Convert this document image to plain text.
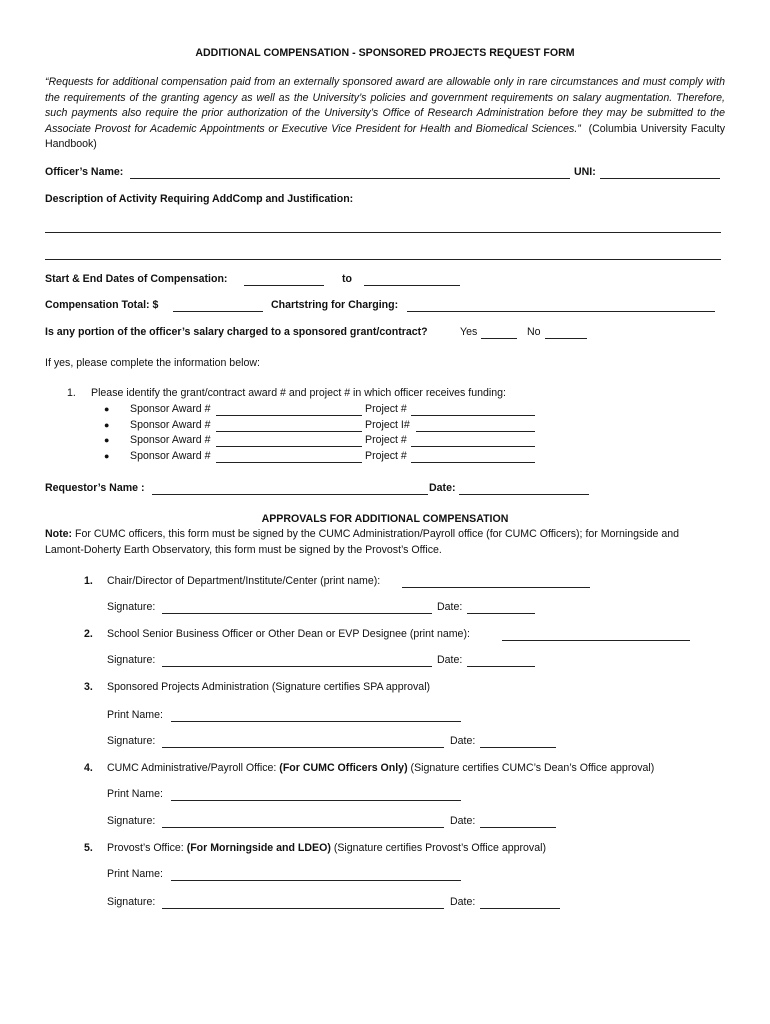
ADDITIONAL COMPENSATION - SPONSORED PROJECTS REQUEST FORM
“Requests for additional compensation paid from an externally sponsored award are allowable only in rare circumstances and must comply with the requirements of the granting agency as well as the University’s policies and government requirements on salary augmentation. Therefore, such payments also require the prior authorization of the University’s Office of Research Administration before they may be submitted to the Associate Provost for Academic Appointments or Executive Vice President for Health and Biomedical Sciences.” (Columbia University Faculty Handbook)
Officer’s Name:	UNI:
Description of Activity Requiring AddComp and Justification:
Start & End Dates of Compensation:	to
Compensation Total: $	Chartstring for Charging:
Is any portion of the officer’s salary charged to a sponsored grant/contract?	Yes	No
If yes, please complete the information below:
1. Please identify the grant/contract award # and project # in which officer receives funding:
● Sponsor Award #	Project #
● Sponsor Award #	Project I#
● Sponsor Award #	Project #
● Sponsor Award #	Project #
Requestor’s Name :	Date:
APPROVALS FOR ADDITIONAL COMPENSATION
Note: For CUMC officers, this form must be signed by the CUMC Administration/Payroll office (for CUMC Officers); for Morningside and
Lamont-Doherty Earth Observatory, this form must be signed by the Provost’s Office.
1. Chair/Director of Department/Institute/Center (print name):
Signature:	Date:
2. School Senior Business Officer or Other Dean or EVP Designee (print name):
Signature:	Date:
3. Sponsored Projects Administration (Signature certifies SPA approval)
Print Name:
Signature:	Date:
4. CUMC Administrative/Payroll Office: (For CUMC Officers Only) (Signature certifies CUMC’s Dean’s Office approval)
Print Name:
Signature:	Date:
5. Provost’s Office: (For Morningside and LDEO) (Signature certifies Provost’s Office approval)
Print Name:
Signature:	Date:
